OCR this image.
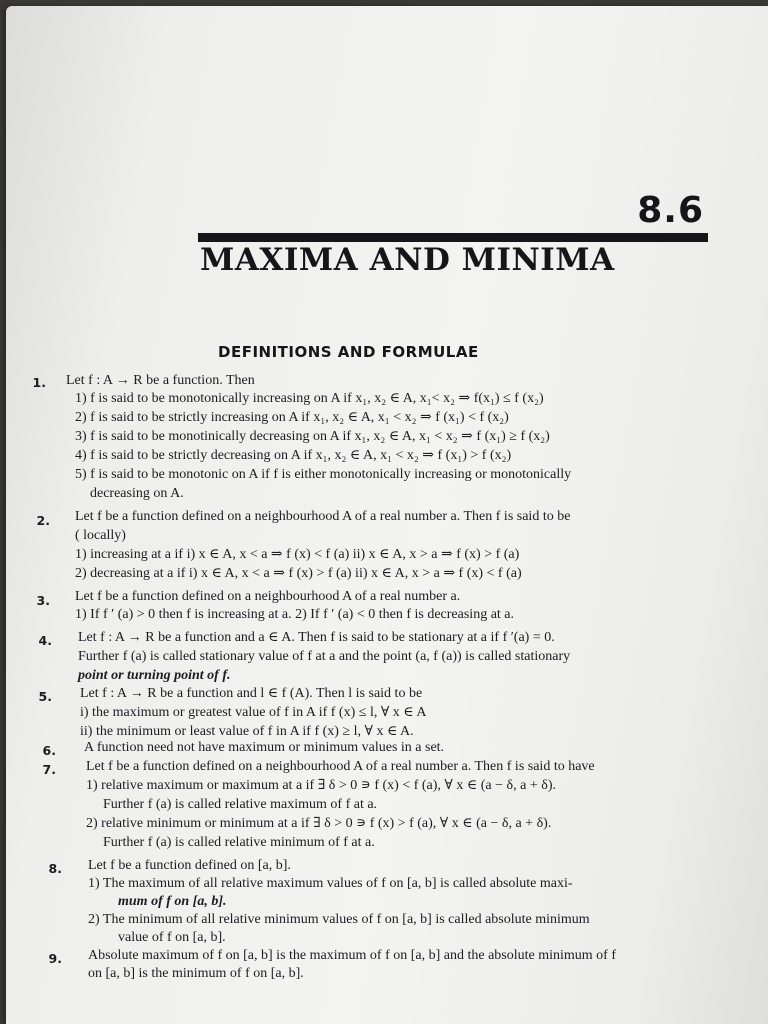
8.6
MAXIMA AND MINIMA
DEFINITIONS AND FORMULAE
1. Let f : A → R be a function. Then
1) f is said to be monotonically increasing on A if x₁, x₂ ∈ A, x₁< x₂ ⇒ f(x₁) ≤ f (x₂)
2) f is said to be strictly increasing on A if x₁, x₂ ∈ A, x₁ < x₂ ⇒ f (x₁) < f (x₂)
3) f is said to be monotinically decreasing on A if x₁, x₂ ∈ A, x₁ < x₂ ⇒ f (x₁) ≥ f (x₂)
4) f is said to be strictly decreasing on A if x₁, x₂ ∈ A, x₁ < x₂ ⇒ f (x₁) > f (x₂)
5) f is said to be monotonic on A if f is either monotonically increasing or monotonically
decreasing on A.
2. Let f be a function defined on a neighbourhood A of a real number a. Then f is said to be
( locally)
1) increasing at a if i) x ∈ A, x < a ⇒ f (x) < f (a) ii) x ∈ A, x > a ⇒ f (x) > f (a)
2) decreasing at a if i) x ∈ A, x < a ⇒ f (x) > f (a) ii) x ∈ A, x > a ⇒ f (x) < f (a)
3. Let f be a function defined on a neighbourhood A of a real number a.
1) If f ′ (a) > 0 then f is increasing at a. 2) If f ′ (a) < 0 then f is decreasing at a.
4. Let f : A → R be a function and a ∈ A. Then f is said to be stationary at a if f ′(a) = 0.
Further f (a) is called stationary value of f at a and the point (a, f (a)) is called stationary
point or turning point of f.
5. Let f : A → R be a function and l ∈ f (A). Then l is said to be
i) the maximum or greatest value of f in A if f (x) ≤ l, ∀ x ∈ A
ii) the minimum or least value of f in A if f (x) ≥ l, ∀ x ∈ A.
6. A function need not have maximum or minimum values in a set.
7. Let f be a function defined on a neighbourhood A of a real number a. Then f is said to have
1) relative maximum or maximum at a if ∃ δ > 0 ∍ f (x) < f (a), ∀ x ∈ (a − δ, a + δ).
Further f (a) is called relative maximum of f at a.
2) relative minimum or minimum at a if ∃ δ > 0 ∍ f (x) > f (a), ∀ x ∈ (a − δ, a + δ).
Further f (a) is called relative minimum of f at a.
8. Let f be a function defined on [a, b].
1) The maximum of all relative maximum values of f on [a, b] is called absolute maxi-
mum of f on [a, b].
2) The minimum of all relative minimum values of f on [a, b] is called absolute minimum
value of f on [a, b].
9. Absolute maximum of f on [a, b] is the maximum of f on [a, b] and the absolute minimum of f
on [a, b] is the minimum of f on [a, b].
